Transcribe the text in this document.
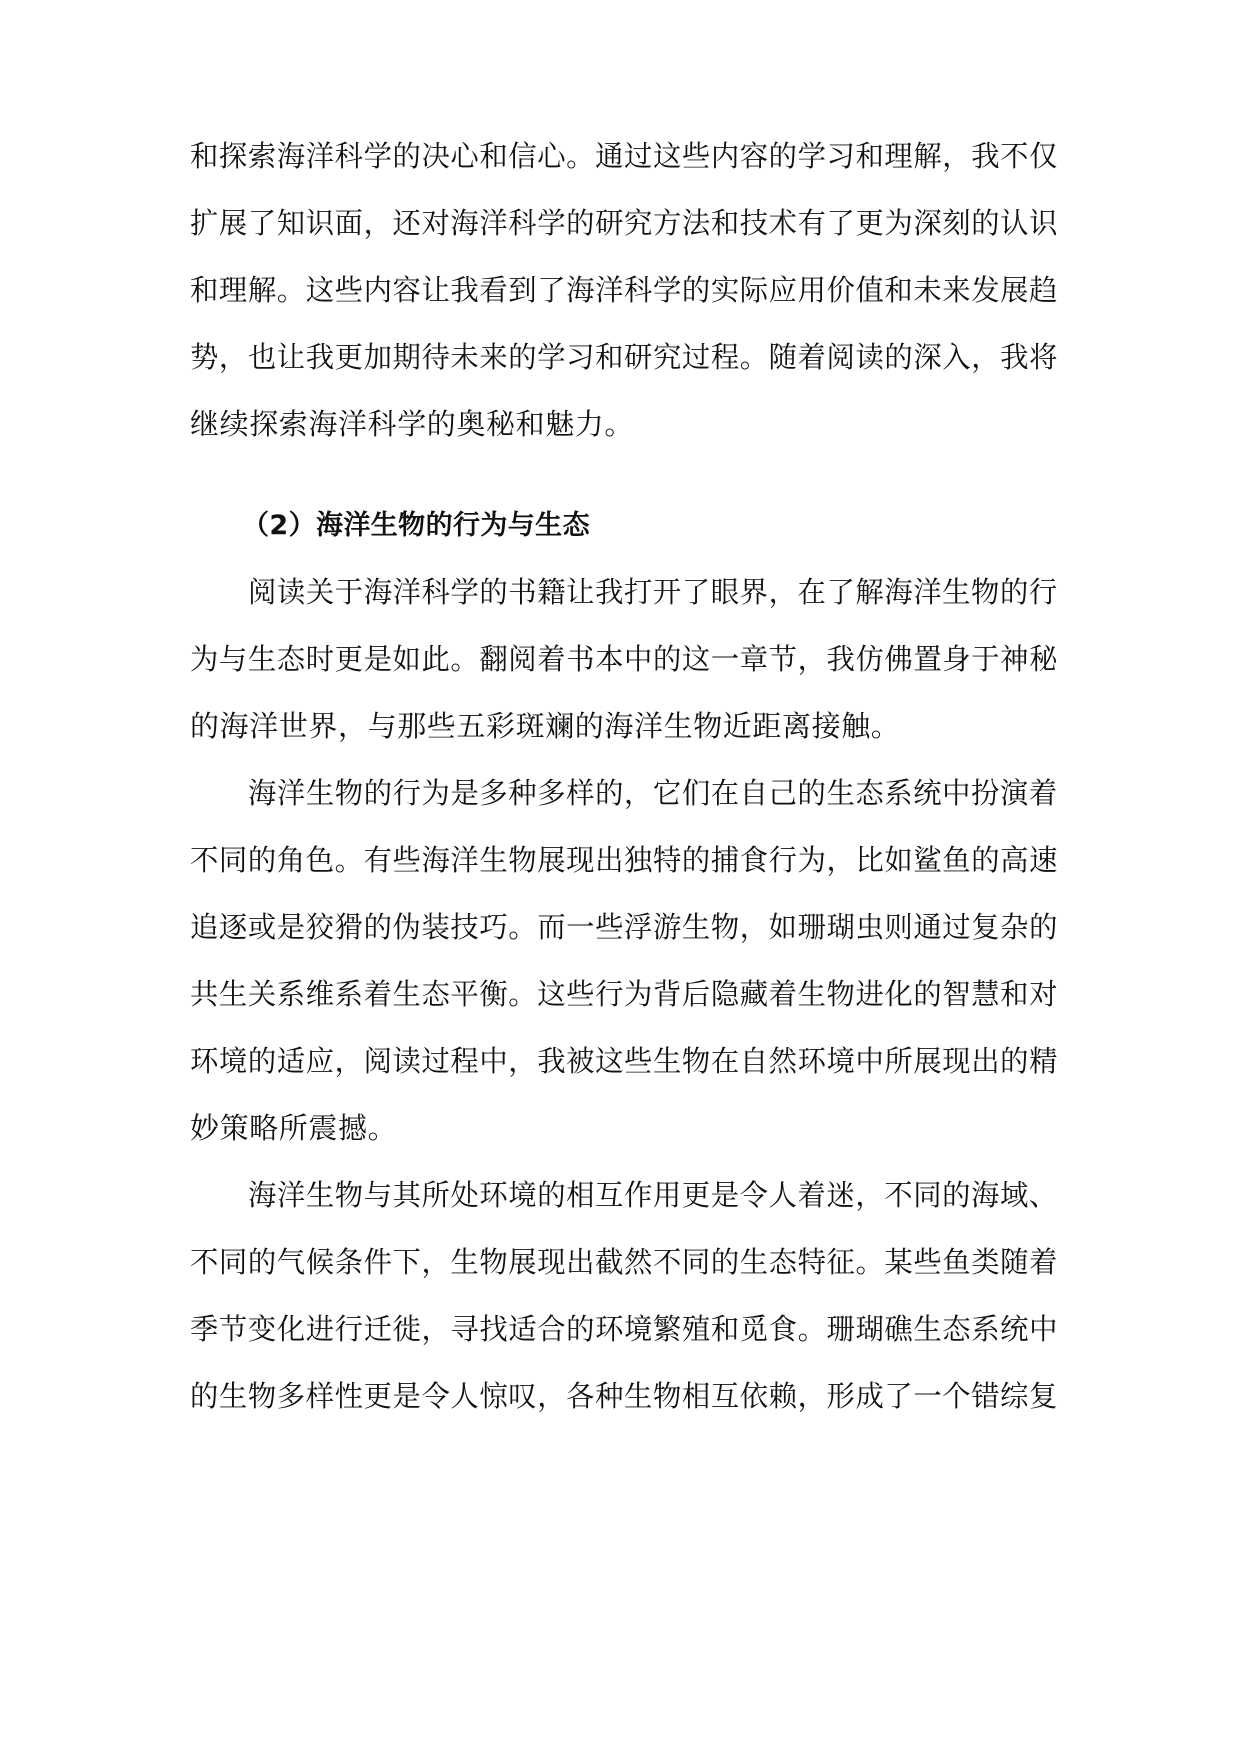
和探索海洋科学的决心和信心。通过这些内容的学习和理解，我不仅
扩展了知识面，还对海洋科学的研究方法和技术有了更为深刻的认识
和理解。这些内容让我看到了海洋科学的实际应用价值和未来发展趋
势，也让我更加期待未来的学习和研究过程。随着阅读的深入，我将
继续探索海洋科学的奥秘和魅力。
（2）海洋生物的行为与生态
阅读关于海洋科学的书籍让我打开了眼界，在了解海洋生物的行
为与生态时更是如此。翻阅着书本中的这一章节，我仿佛置身于神秘
的海洋世界，与那些五彩斑斓的海洋生物近距离接触。
海洋生物的行为是多种多样的，它们在自己的生态系统中扮演着
不同的角色。有些海洋生物展现出独特的捕食行为，比如鲨鱼的高速
追逐或是狡猾的伪装技巧。而一些浮游生物，如珊瑚虫则通过复杂的
共生关系维系着生态平衡。这些行为背后隐藏着生物进化的智慧和对
环境的适应，阅读过程中，我被这些生物在自然环境中所展现出的精
妙策略所震撼。
海洋生物与其所处环境的相互作用更是令人着迷，不同的海域、
不同的气候条件下，生物展现出截然不同的生态特征。某些鱼类随着
季节变化进行迁徙，寻找适合的环境繁殖和觅食。珊瑚礁生态系统中
的生物多样性更是令人惊叹，各种生物相互依赖，形成了一个错综复
